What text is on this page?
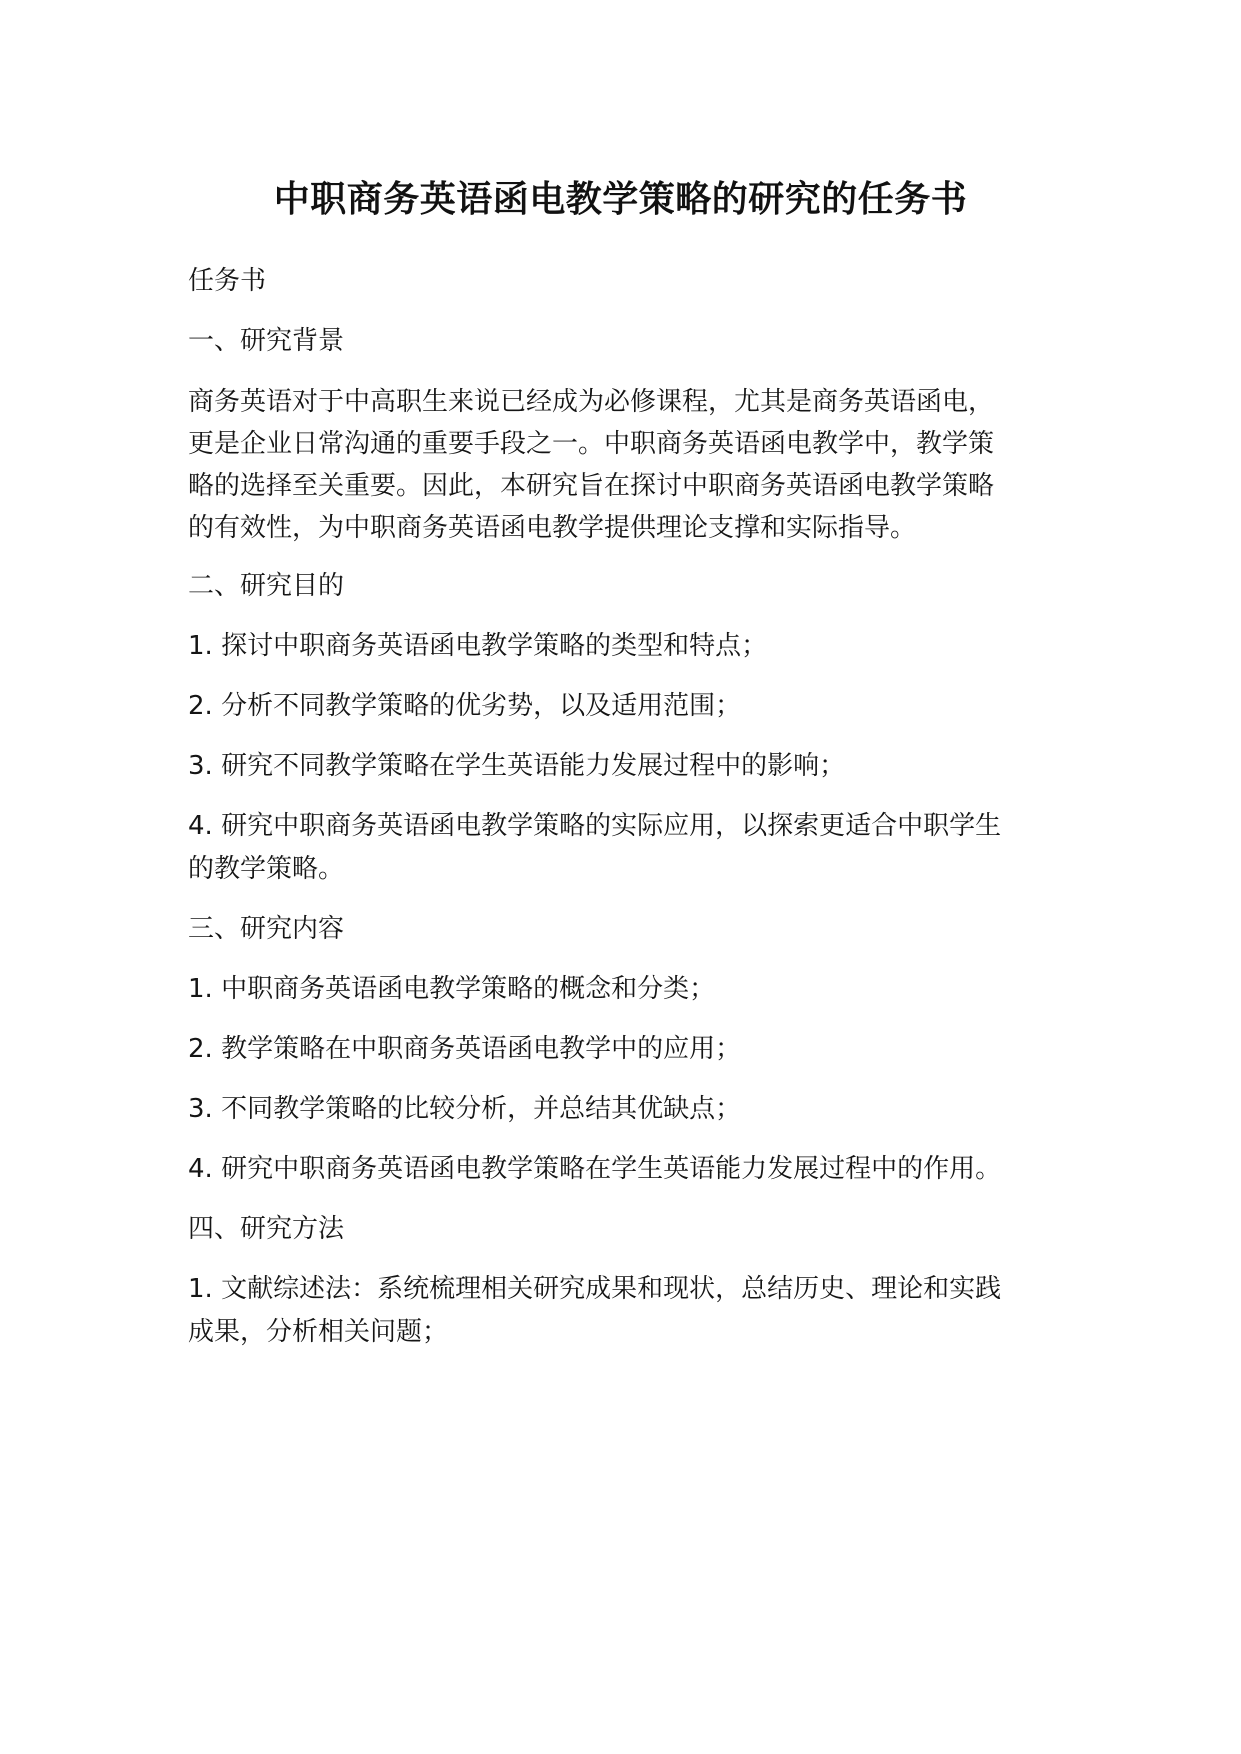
中职商务英语函电教学策略的研究的任务书
任务书
一、研究背景
商务英语对于中高职生来说已经成为必修课程，尤其是商务英语函电，
更是企业日常沟通的重要手段之一。中职商务英语函电教学中，教学策
略的选择至关重要。因此，本研究旨在探讨中职商务英语函电教学策略
的有效性，为中职商务英语函电教学提供理论支撑和实际指导。
二、研究目的
1. 探讨中职商务英语函电教学策略的类型和特点；
2. 分析不同教学策略的优劣势，以及适用范围；
3. 研究不同教学策略在学生英语能力发展过程中的影响；
4. 研究中职商务英语函电教学策略的实际应用，以探索更适合中职学生
的教学策略。
三、研究内容
1. 中职商务英语函电教学策略的概念和分类；
2. 教学策略在中职商务英语函电教学中的应用；
3. 不同教学策略的比较分析，并总结其优缺点；
4. 研究中职商务英语函电教学策略在学生英语能力发展过程中的作用。
四、研究方法
1. 文献综述法：系统梳理相关研究成果和现状，总结历史、理论和实践
成果，分析相关问题；
